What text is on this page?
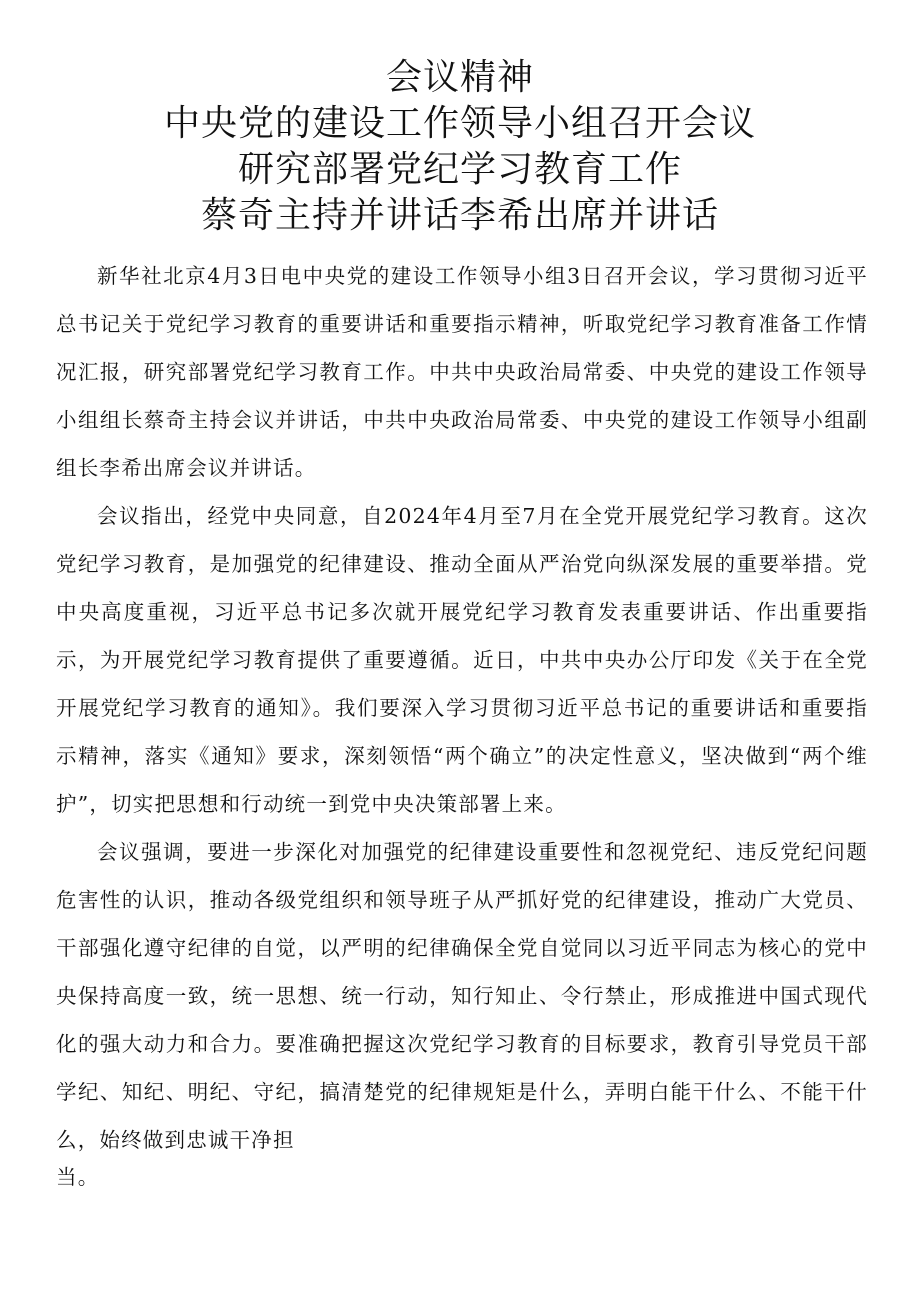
会议精神
中央党的建设工作领导小组召开会议
研究部署党纪学习教育工作
蔡奇主持并讲话李希出席并讲话

新华社北京4月3日电中央党的建设工作领导小组3日召开会议，学习贯彻习近平总书记关于党纪学习教育的重要讲话和重要指示精神，听取党纪学习教育准备工作情况汇报，研究部署党纪学习教育工作。中共中央政治局常委、中央党的建设工作领导小组组长蔡奇主持会议并讲话，中共中央政治局常委、中央党的建设工作领导小组副组长李希出席会议并讲话。

会议指出，经党中央同意，自2024年4月至7月在全党开展党纪学习教育。这次党纪学习教育，是加强党的纪律建设、推动全面从严治党向纵深发展的重要举措。党中央高度重视，习近平总书记多次就开展党纪学习教育发表重要讲话、作出重要指示，为开展党纪学习教育提供了重要遵循。近日，中共中央办公厅印发《关于在全党开展党纪学习教育的通知》。我们要深入学习贯彻习近平总书记的重要讲话和重要指示精神，落实《通知》要求，深刻领悟“两个确立”的决定性意义，坚决做到“两个维护”，切实把思想和行动统一到党中央决策部署上来。

会议强调，要进一步深化对加强党的纪律建设重要性和忽视党纪、违反党纪问题危害性的认识，推动各级党组织和领导班子从严抓好党的纪律建设，推动广大党员、干部强化遵守纪律的自觉，以严明的纪律确保全党自觉同以习近平同志为核心的党中央保持高度一致，统一思想、统一行动，知行知止、令行禁止，形成推进中国式现代化的强大动力和合力。要准确把握这次党纪学习教育的目标要求，教育引导党员干部学纪、知纪、明纪、守纪，搞清楚党的纪律规矩是什么，弄明白能干什么、不能干什么，始终做到忠诚干净担

当。
